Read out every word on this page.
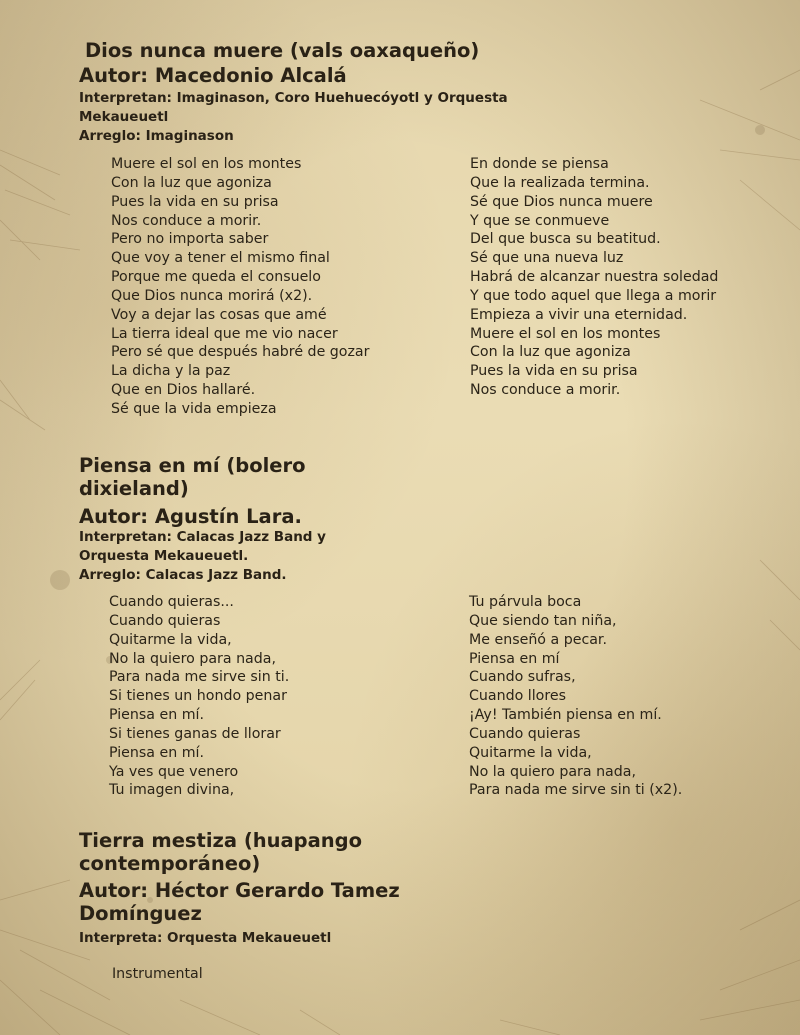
Dios nunca muere (vals oaxaqueño)
Autor: Macedonio Alcalá
Interpretan: Imaginason, Coro Huehuecóyotl y Orquesta Mekaueuetl
Arreglo: Imaginason
Muere el sol en los montes
Con la luz que agoniza
Pues la vida en su prisa
Nos conduce a morir.
Pero no importa saber
Que voy a tener el mismo final
Porque me queda el consuelo
Que Dios nunca morirá (x2).
Voy a dejar las cosas que amé
La tierra ideal que me vio nacer
Pero sé que después habré de gozar
La dicha y la paz
Que en Dios hallaré.
Sé que la vida empieza
En donde se piensa
Que la realizada termina.
Sé que Dios nunca muere
Y que se conmueve
Del que busca su beatitud.
Sé que una nueva luz
Habrá de alcanzar nuestra soledad
Y que todo aquel que llega a morir
Empieza a vivir una eternidad.
Muere el sol en los montes
Con la luz que agoniza
Pues la vida en su prisa
Nos conduce a morir.
Piensa en mí (bolero dixieland)
Autor: Agustín Lara.
Interpretan: Calacas Jazz Band y Orquesta Mekaueuetl.
Arreglo: Calacas Jazz Band.
Cuando quieras...
Cuando quieras
Quitarme la vida,
No la quiero para nada,
Para nada me sirve sin ti.
Si tienes un hondo penar
Piensa en mí.
Si tienes ganas de llorar
Piensa en mí.
Ya ves que venero
Tu imagen divina,
Tu párvula boca
Que siendo tan niña,
Me enseñó a pecar.
Piensa en mí
Cuando sufras,
Cuando llores
¡Ay! También piensa en mí.
Cuando quieras
Quitarme la vida,
No la quiero para nada,
Para nada me sirve sin ti (x2).
Tierra mestiza (huapango contemporáneo)
Autor: Héctor Gerardo Tamez Domínguez
Interpreta: Orquesta Mekaueuetl

Instrumental
